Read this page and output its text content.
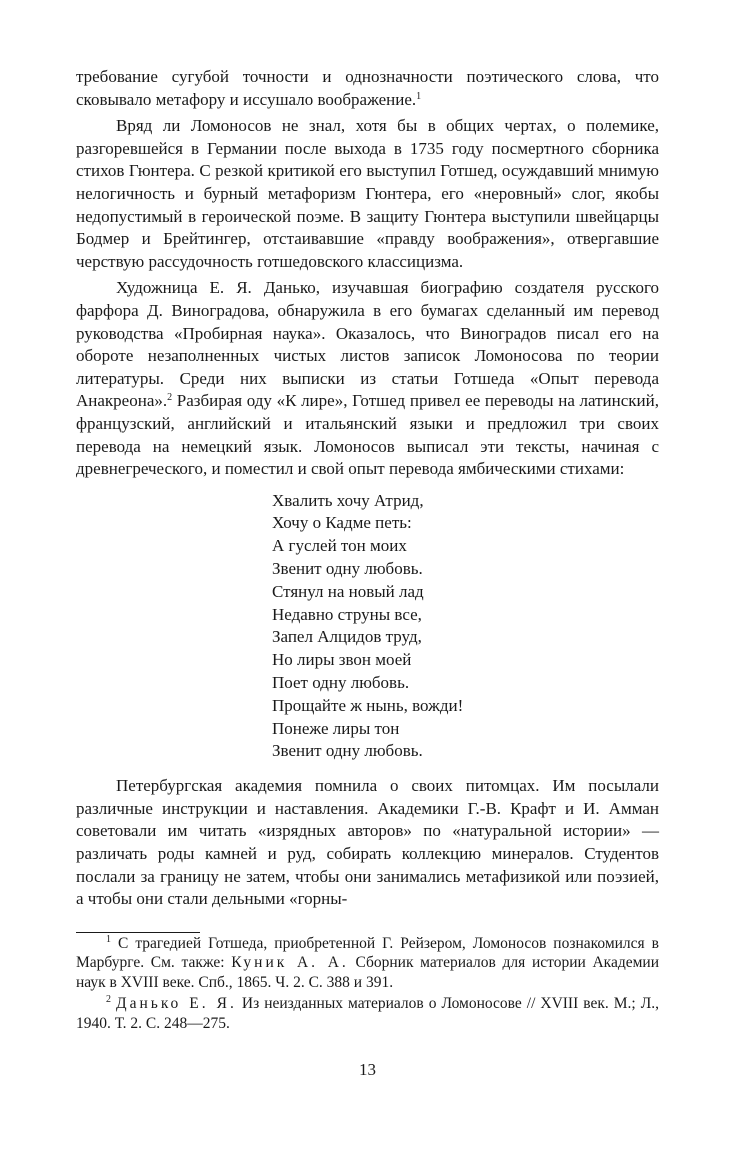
требование сугубой точности и однозначности поэтического слова, что сковывало метафору и иссушало воображение.$^1$

Вряд ли Ломоносов не знал, хотя бы в общих чертах, о полемике, разгоревшейся в Германии после выхода в 1735 году посмертного сборника стихов Гюнтера. С резкой критикой его выступил Готшед, осуждавший мнимую нелогичность и бурный метафоризм Гюнтера, его «неровный» слог, якобы недопустимый в героической поэме. В защиту Гюнтера выступили швейцарцы Бодмер и Брейтингер, отстаивавшие «правду воображения», отвергавшие черствую рассудочность готшедовского классицизма.

Художница Е. Я. Данько, изучавшая биографию создателя русского фарфора Д. Виноградова, обнаружила в его бумагах сделанный им перевод руководства «Пробирная наука». Оказалось, что Виноградов писал его на обороте незаполненных чистых листов записок Ломоносова по теории литературы. Среди них выписки из статьи Готшеда «Опыт перевода Анакреона».$^2$ Разбирая оду «К лире», Готшед привел ее переводы на латинский, французский, английский и итальянский языки и предложил три своих перевода на немецкий язык. Ломоносов выписал эти тексты, начиная с древнегреческого, и поместил и свой опыт перевода ямбическими стихами:

Хвалить хочу Атрид,
Хочу о Кадме петь:
А гуслей тон моих
Звенит одну любовь.
Стянул на новый лад
Недавно струны все,
Запел Алцидов труд,
Но лиры звон моей
Поет одну любовь.
Прощайте ж нынь, вожди!
Понеже лиры тон
Звенит одну любовь.

Петербургская академия помнила о своих питомцах. Им посылали различные инструкции и наставления. Академики Г.-В. Крафт и И. Амман советовали им читать «изрядных авторов» по «натуральной истории» — различать роды камней и руд, собирать коллекцию минералов. Студентов послали за границу не затем, чтобы они занимались метафизикой или поэзией, а чтобы они стали дельными «горны-

$^1$ С трагедией Готшеда, приобретенной Г. Рейзером, Ломоносов познакомился в Марбурге. См. также: Куник А. А. Сборник материалов для истории Академии наук в XVIII веке. Спб., 1865. Ч. 2. С. 388 и 391.

$^2$ Данько Е. Я. Из неизданных материалов о Ломоносове // XVIII век. М.; Л., 1940. Т. 2. С. 248—275.

13
